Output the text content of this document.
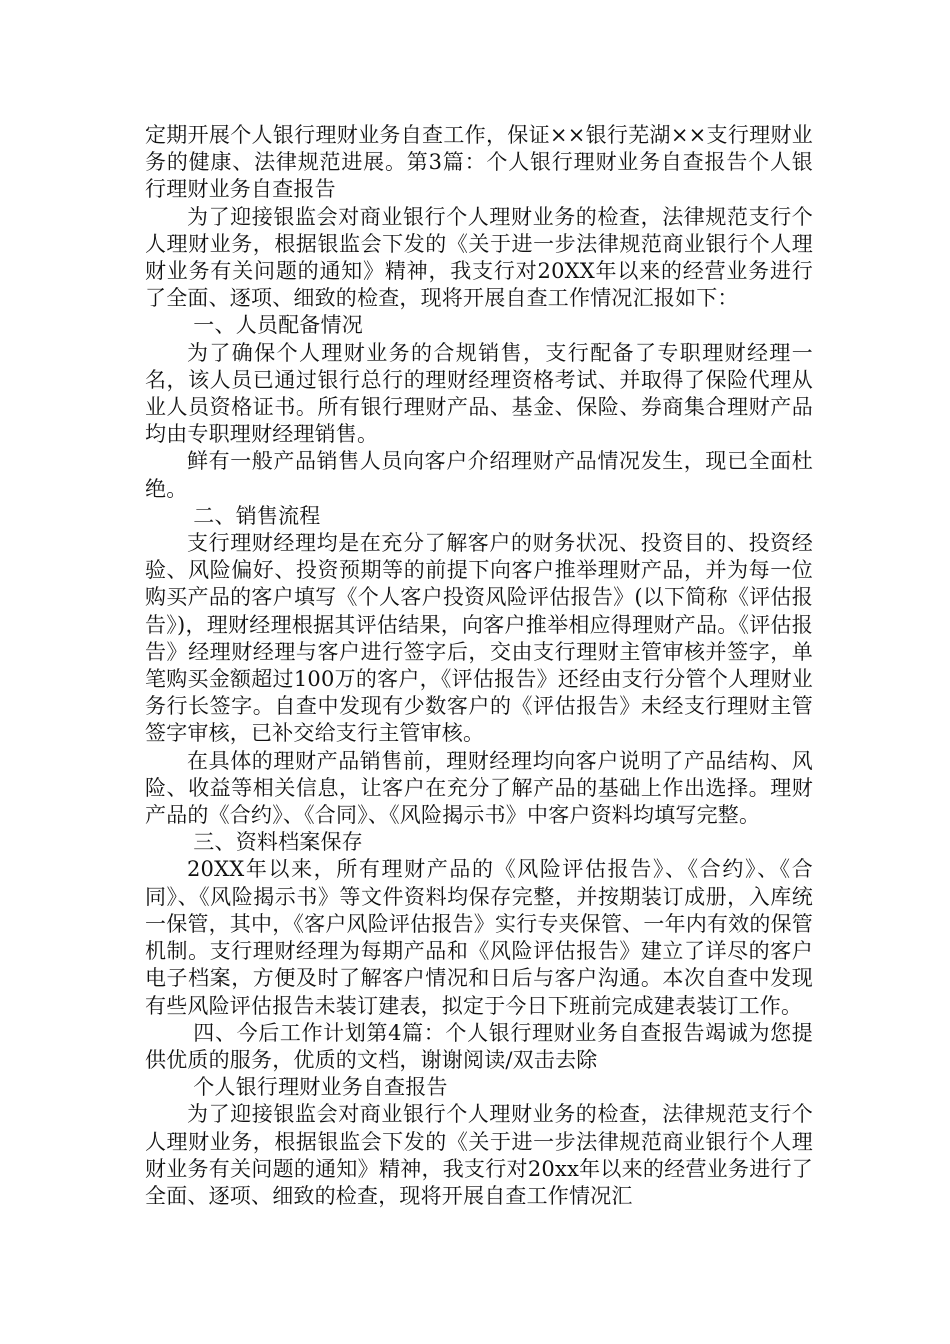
定期开展个人银行理财业务自查工作，保证××银行芜湖××支行理财业务的健康、法律规范进展。第3篇：个人银行理财业务自查报告个人银行理财业务自查报告

为了迎接银监会对商业银行个人理财业务的检查，法律规范支行个人理财业务，根据银监会下发的《关于进一步法律规范商业银行个人理财业务有关问题的通知》精神，我支行对20XX年以来的经营业务进行了全面、逐项、细致的检查，现将开展自查工作情况汇报如下：

一、人员配备情况

为了确保个人理财业务的合规销售，支行配备了专职理财经理一名，该人员已通过银行总行的理财经理资格考试、并取得了保险代理从业人员资格证书。所有银行理财产品、基金、保险、券商集合理财产品均由专职理财经理销售。

鲜有一般产品销售人员向客户介绍理财产品情况发生，现已全面杜绝。

二、销售流程

支行理财经理均是在充分了解客户的财务状况、投资目的、投资经验、风险偏好、投资预期等的前提下向客户推举理财产品，并为每一位购买产品的客户填写《个人客户投资风险评估报告》(以下简称《评估报告》)，理财经理根据其评估结果，向客户推举相应得理财产品。《评估报告》经理财经理与客户进行签字后，交由支行理财主管审核并签字，单笔购买金额超过100万的客户，《评估报告》还经由支行分管个人理财业务行长签字。自查中发现有少数客户的《评估报告》未经支行理财主管签字审核，已补交给支行主管审核。

在具体的理财产品销售前，理财经理均向客户说明了产品结构、风险、收益等相关信息，让客户在充分了解产品的基础上作出选择。理财产品的《合约》、《合同》、《风险揭示书》中客户资料均填写完整。

三、资料档案保存

20XX年以来，所有理财产品的《风险评估报告》、《合约》、《合同》、《风险揭示书》等文件资料均保存完整，并按期装订成册，入库统一保管，其中，《客户风险评估报告》实行专夹保管、一年内有效的保管机制。支行理财经理为每期产品和《风险评估报告》建立了详尽的客户电子档案，方便及时了解客户情况和日后与客户沟通。本次自查中发现有些风险评估报告未装订建表，拟定于今日下班前完成建表装订工作。

四、今后工作计划第4篇：个人银行理财业务自查报告竭诚为您提供优质的服务，优质的文档，谢谢阅读/双击去除

个人银行理财业务自查报告

为了迎接银监会对商业银行个人理财业务的检查，法律规范支行个人理财业务，根据银监会下发的《关于进一步法律规范商业银行个人理财业务有关问题的通知》精神，我支行对20xx年以来的经营业务进行了全面、逐项、细致的检查，现将开展自查工作情况汇
